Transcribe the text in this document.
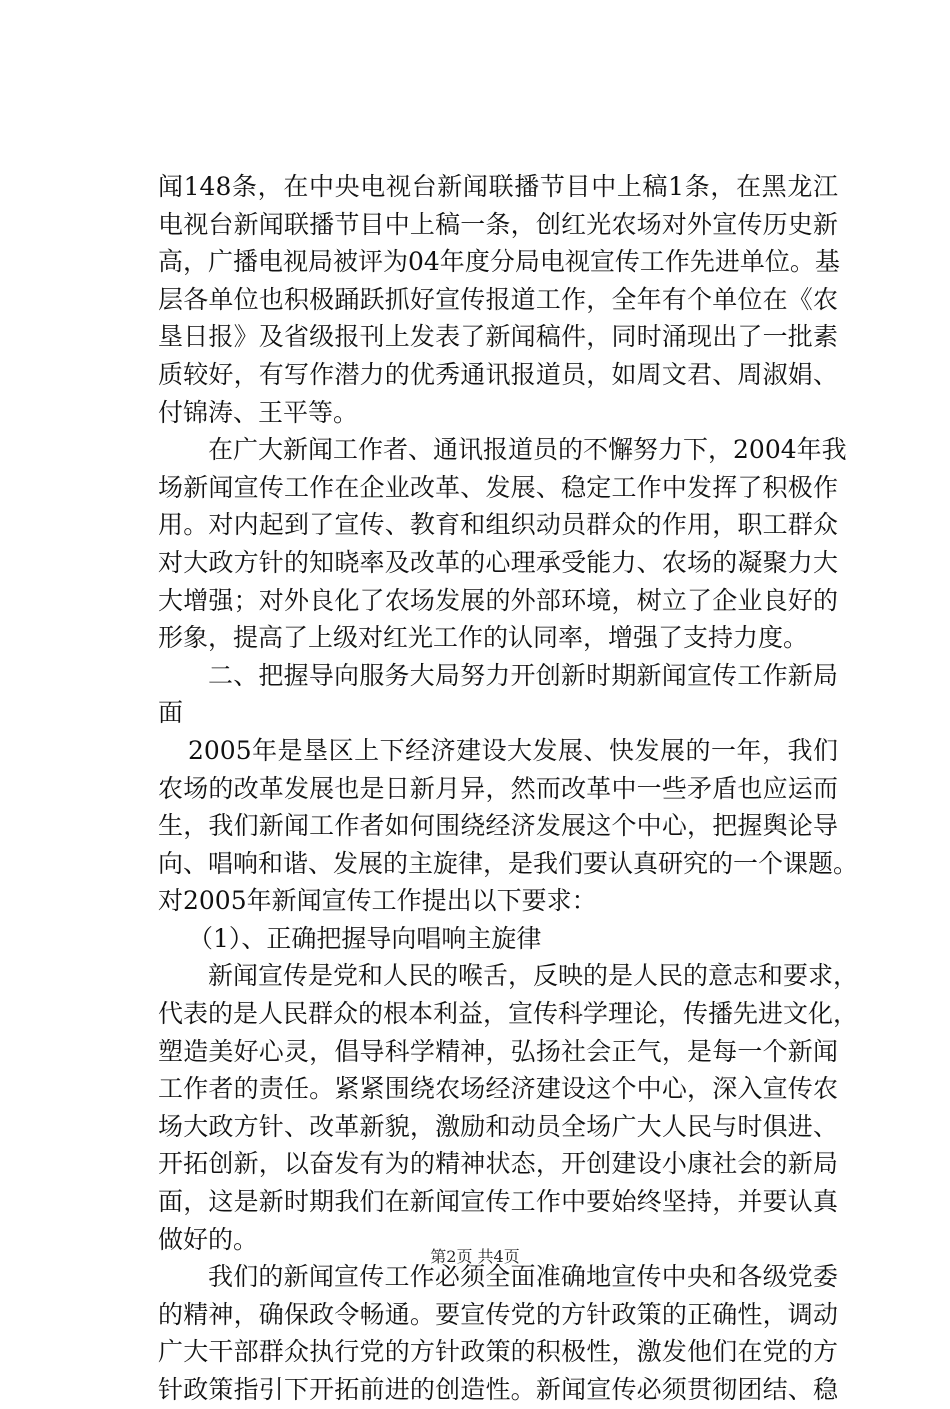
闻148条，在中央电视台新闻联播节目中上稿1条，在黑龙江
电视台新闻联播节目中上稿一条，创红光农场对外宣传历史新
高，广播电视局被评为04年度分局电视宣传工作先进单位。基
层各单位也积极踊跃抓好宣传报道工作，全年有个单位在《农
垦日报》及省级报刊上发表了新闻稿件，同时涌现出了一批素
质较好，有写作潜力的优秀通讯报道员，如周文君、周淑娟、
付锦涛、王平等。
在广大新闻工作者、通讯报道员的不懈努力下，2004年我
场新闻宣传工作在企业改革、发展、稳定工作中发挥了积极作
用。对内起到了宣传、教育和组织动员群众的作用，职工群众
对大政方针的知晓率及改革的心理承受能力、农场的凝聚力大
大增强；对外良化了农场发展的外部环境，树立了企业良好的
形象，提高了上级对红光工作的认同率，增强了支持力度。
二、把握导向服务大局努力开创新时期新闻宣传工作新局
面
2005年是垦区上下经济建设大发展、快发展的一年，我们
农场的改革发展也是日新月异，然而改革中一些矛盾也应运而
生，我们新闻工作者如何围绕经济发展这个中心，把握舆论导
向、唱响和谐、发展的主旋律，是我们要认真研究的一个课题。
对2005年新闻宣传工作提出以下要求：
（1）、正确把握导向唱响主旋律
新闻宣传是党和人民的喉舌，反映的是人民的意志和要求，
代表的是人民群众的根本利益，宣传科学理论，传播先进文化，
塑造美好心灵，倡导科学精神，弘扬社会正气，是每一个新闻
工作者的责任。紧紧围绕农场经济建设这个中心，深入宣传农
场大政方针、改革新貌，激励和动员全场广大人民与时俱进、
开拓创新，以奋发有为的精神状态，开创建设小康社会的新局
面，这是新时期我们在新闻宣传工作中要始终坚持，并要认真
做好的。
我们的新闻宣传工作必须全面准确地宣传中央和各级党委
的精神，确保政令畅通。要宣传党的方针政策的正确性，调动
广大干部群众执行党的方针政策的积极性，激发他们在党的方
针政策指引下开拓前进的创造性。新闻宣传必须贯彻团结、稳
第2页 共4页
